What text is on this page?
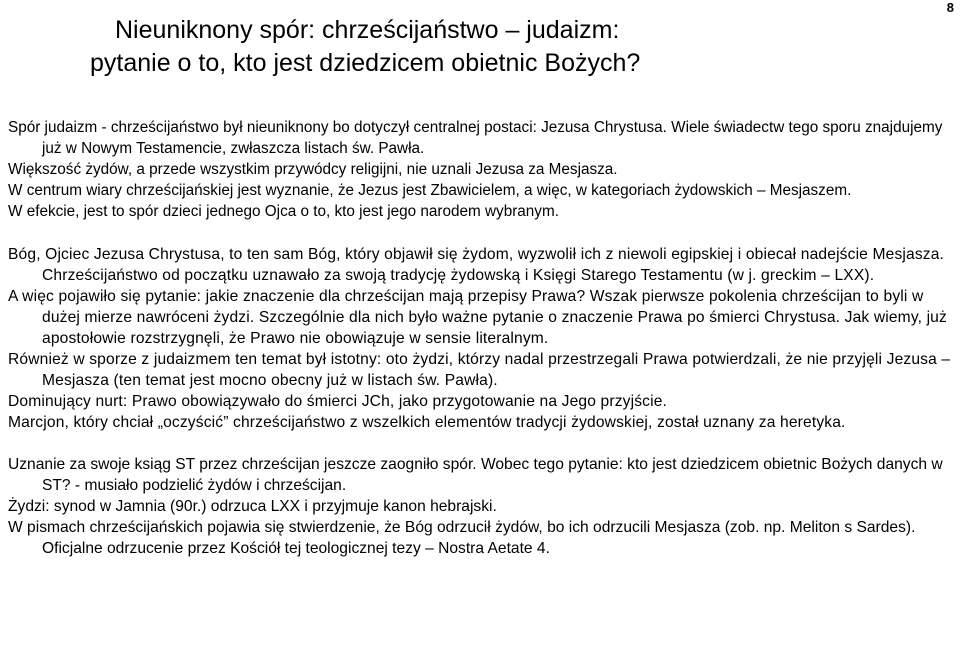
8
Nieuniknony spór: chrześcijaństwo – judaizm:
pytanie o to, kto jest dziedzicem obietnic Bożych?

Spór judaizm - chrześcijaństwo był nieuniknony bo dotyczył centralnej postaci: Jezusa Chrystusa. Wiele świadectw tego sporu znajdujemy już w Nowym Testamencie, zwłaszcza listach św. Pawła.

Większość żydów, a przede wszystkim przywódcy religijni, nie uznali Jezusa za Mesjasza.

W centrum wiary chrześcijańskiej jest wyznanie, że Jezus jest Zbawicielem, a więc, w kategoriach żydowskich – Mesjaszem.

W efekcie, jest to spór dzieci jednego Ojca o to, kto jest jego narodem wybranym.

Bóg, Ojciec Jezusa Chrystusa, to ten sam Bóg, który objawił się żydom, wyzwolił ich z niewoli egipskiej i obiecał nadejście Mesjasza. Chrześcijaństwo od początku uznawało za swoją tradycję żydowską i Księgi Starego Testamentu (w j. greckim – LXX).

A więc pojawiło się pytanie: jakie znaczenie dla chrześcijan mają przepisy Prawa? Wszak pierwsze pokolenia chrześcijan to byli w dużej mierze nawróceni żydzi. Szczególnie dla nich było ważne pytanie o znaczenie Prawa po śmierci Chrystusa. Jak wiemy, już apostołowie rozstrzygnęli, że Prawo nie obowiązuje w sensie literalnym.

Również w sporze z judaizmem ten temat był istotny: oto żydzi, którzy nadal przestrzegali Prawa potwierdzali, że nie przyjęli Jezusa – Mesjasza (ten temat jest mocno obecny już w listach św. Pawła).

Dominujący nurt: Prawo obowiązywało do śmierci JCh, jako przygotowanie na Jego przyjście.

Marcjon, który chciał „oczyścić” chrześcijaństwo z wszelkich elementów tradycji żydowskiej, został uznany za heretyka.

Uznanie za swoje ksiąg ST przez chrześcijan jeszcze zaogniło spór. Wobec tego pytanie: kto jest dziedzicem obietnic Bożych danych w ST? - musiało podzielić żydów i chrześcijan.

Żydzi: synod w Jamnia (90r.) odrzuca LXX i przyjmuje kanon hebrajski.

W pismach chrześcijańskich pojawia się stwierdzenie, że Bóg odrzucił żydów, bo ich odrzucili Mesjasza (zob. np. Meliton s Sardes). Oficjalne odrzucenie przez Kościół tej teologicznej tezy – Nostra Aetate 4.
